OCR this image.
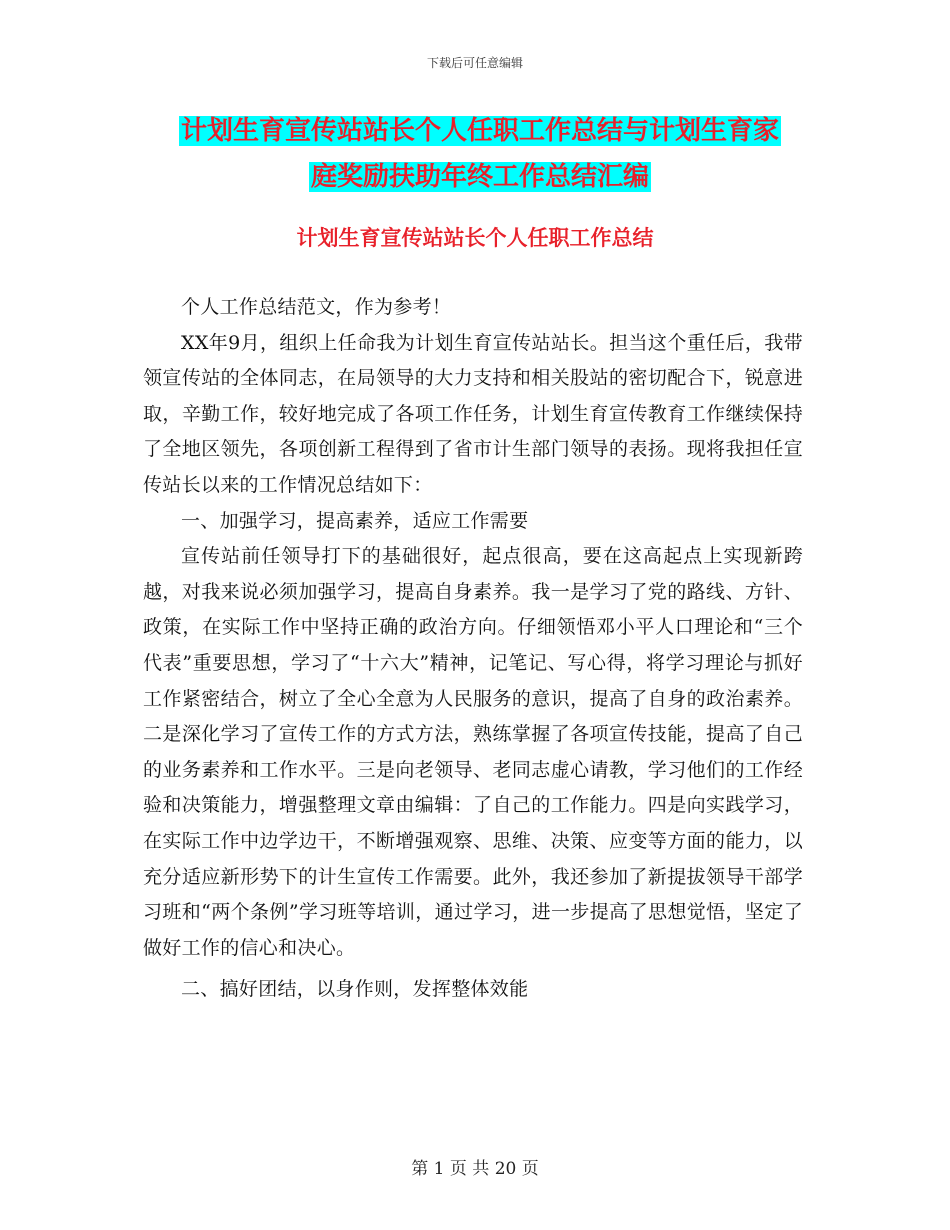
下载后可任意编辑
计划生育宣传站站长个人任职工作总结与计划生育家
庭奖励扶助年终工作总结汇编
计划生育宣传站站长个人任职工作总结

个人工作总结范文，作为参考！

XX年9月，组织上任命我为计划生育宣传站站长。担当这个重任后，我带领宣传站的全体同志，在局领导的大力支持和相关股站的密切配合下，锐意进取，辛勤工作，较好地完成了各项工作任务，计划生育宣传教育工作继续保持了全地区领先，各项创新工程得到了省市计生部门领导的表扬。现将我担任宣传站长以来的工作情况总结如下：

一、加强学习，提高素养，适应工作需要

宣传站前任领导打下的基础很好，起点很高，要在这高起点上实现新跨越，对我来说必须加强学习，提高自身素养。我一是学习了党的路线、方针、政策，在实际工作中坚持正确的政治方向。仔细领悟邓小平人口理论和“三个代表”重要思想，学习了“十六大”精神，记笔记、写心得，将学习理论与抓好工作紧密结合，树立了全心全意为人民服务的意识，提高了自身的政治素养。二是深化学习了宣传工作的方式方法，熟练掌握了各项宣传技能，提高了自己的业务素养和工作水平。三是向老领导、老同志虚心请教，学习他们的工作经验和决策能力，增强整理文章由编辑：了自己的工作能力。四是向实践学习，在实际工作中边学边干，不断增强观察、思维、决策、应变等方面的能力，以充分适应新形势下的计生宣传工作需要。此外，我还参加了新提拔领导干部学习班和“两个条例”学习班等培训，通过学习，进一步提高了思想觉悟，坚定了做好工作的信心和决心。

二、搞好团结，以身作则，发挥整体效能

第 1 页 共 20 页
